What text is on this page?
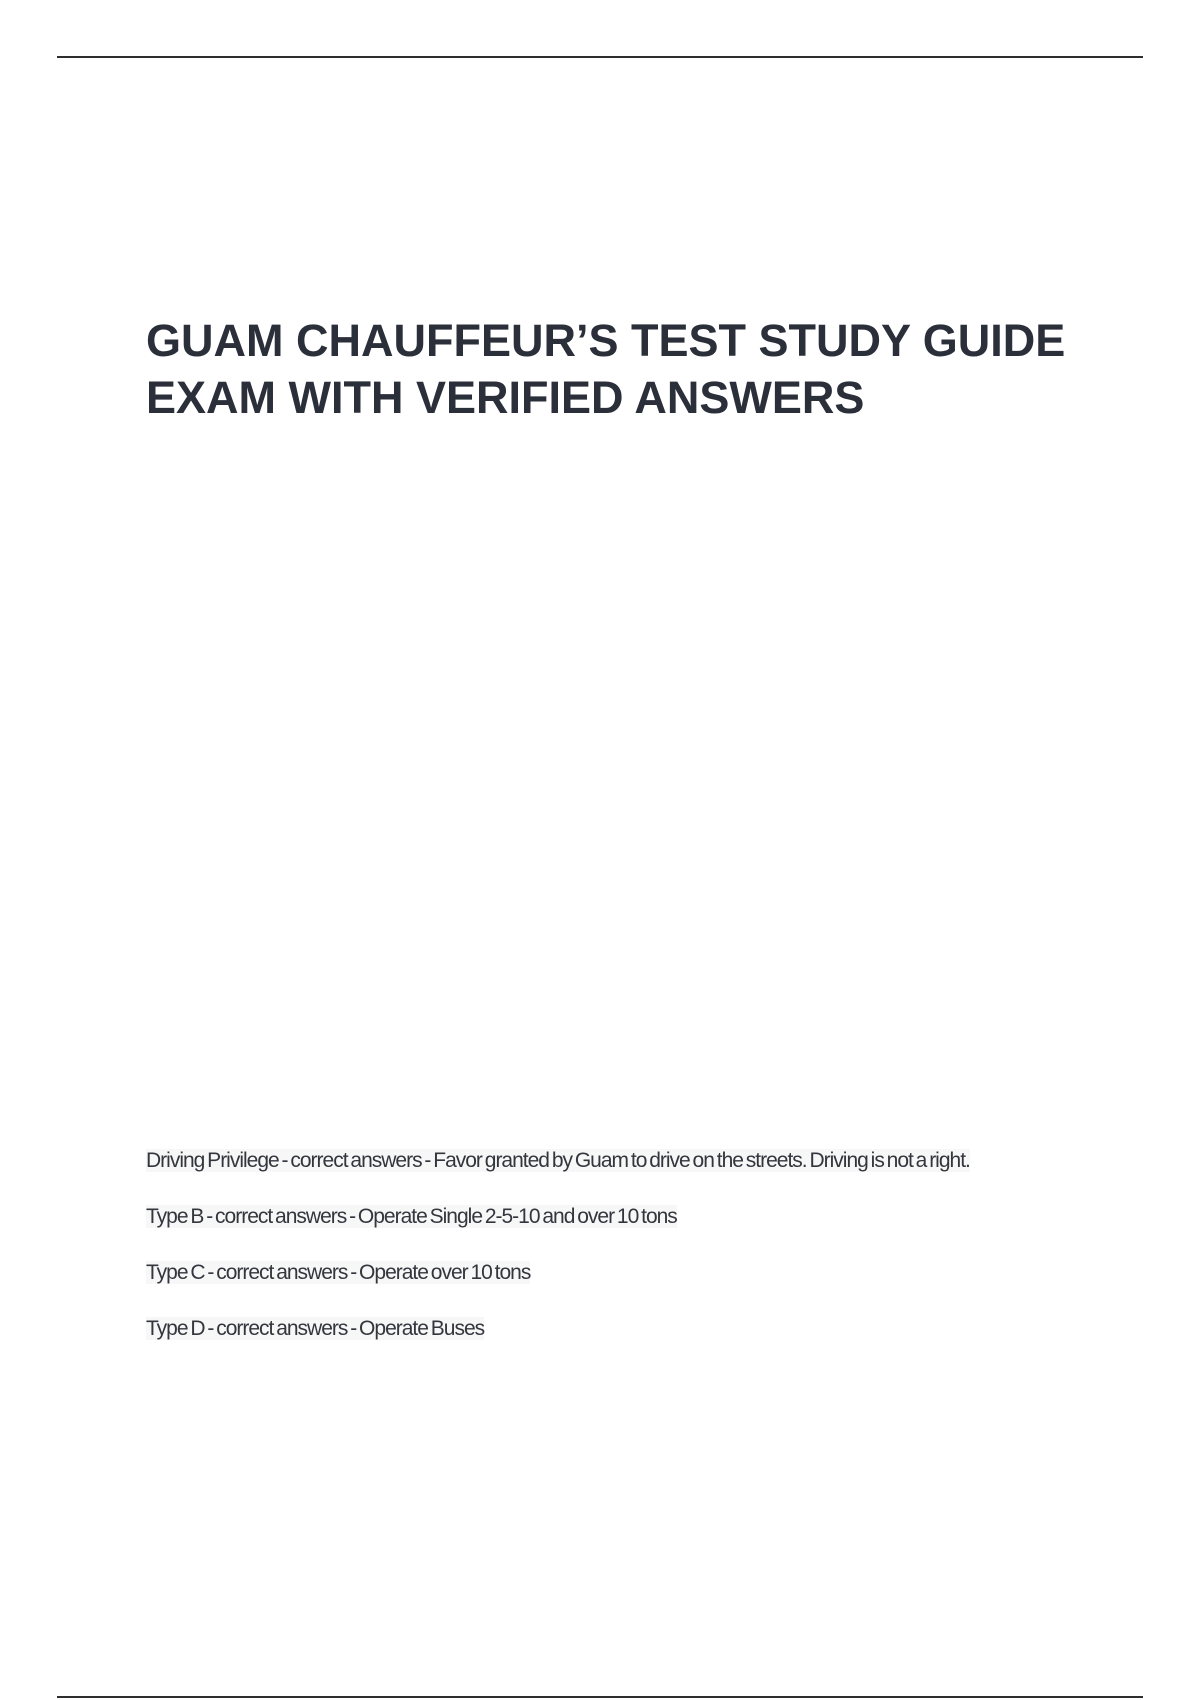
GUAM CHAUFFEUR’S TEST STUDY GUIDE EXAM WITH VERIFIED ANSWERS

Driving Privilege - correct answers - Favor granted by Guam to drive on the streets. Driving is not a right.

Type B - correct answers - Operate Single 2-5-10 and over 10 tons

Type C - correct answers - Operate over 10 tons

Type D - correct answers - Operate Buses
